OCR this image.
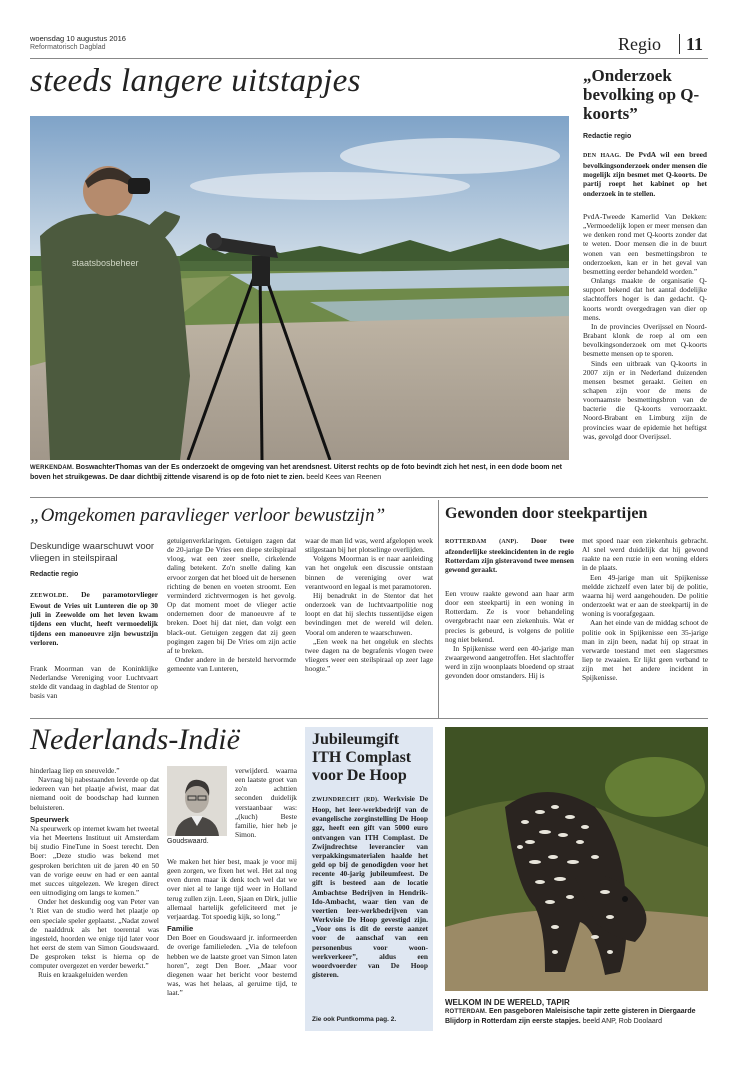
woensdag 10 augustus 2016
Reformatorisch Dagblad	Regio 11
steeds langere uitstapjes
staatsbosbeheer
WERKENDAM. BoswachterThomas van der Es onderzoekt de omgeving van het arendsnest. Uiterst rechts op de foto bevindt zich het nest, in een dode boom net boven het struikgewas. De daar dichtbij zittende visarend is op de foto niet te zien. beeld Kees van Reenen
„Onderzoek bevolking op Q-koorts”
Redactie regio
DEN HAAG. De PvdA wil een breed bevolkingsonderzoek onder mensen die mogelijk zijn besmet met Q-koorts. De partij roept het kabinet op het onderzoek in te stellen.

PvdA-Tweede Kamerlid Van Dekken: „Vermoedelijk lopen er meer mensen dan we denken rond met Q-koorts zonder dat te weten. Door mensen die in de buurt wonen van een besmettingsbron te onderzoeken, kan er in het geval van besmetting eerder behandeld worden.”

Onlangs maakte de organisatie Q-support bekend dat het aantal dodelijke slachtoffers hoger is dan gedacht. Q-koorts wordt overgedragen van dier op mens.

In de provincies Overijssel en Noord-Brabant klonk de roep al om een bevolkingsonderzoek om met Q-koorts besmette mensen op te sporen.

Sinds een uitbraak van Q-koorts in 2007 zijn er in Nederland duizenden mensen besmet geraakt. Geiten en schapen zijn voor de mens de voornaamste besmettingsbron van de bacterie die Q-koorts veroorzaakt. Noord-Brabant en Limburg zijn de provincies waar de epidemie het heftigst was, gevolgd door Overijssel.

„Omgekomen paravlieger verloor bewustzijn”
Deskundige waarschuwt voor vliegen in steilspiraal
Redactie regio
ZEEWOLDE. De paramotorvlieger Ewout de Vries uit Lunteren die op 30 juli in Zeewolde om het leven kwam tijdens een vlucht, heeft vermoedelijk tijdens een manoeuvre zijn bewustzijn verloren.

Frank Moorman van de Koninklijke Nederlandse Vereniging voor Luchtvaart stelde dit vandaag in dagblad de Stentor op basis van

getuigenverklaringen. Getuigen zagen dat de 20-jarige De Vries een diepe steilspiraal vloog, wat een zeer snelle, cirkelende daling betekent. Zo'n snelle daling kan ervoor zorgen dat het bloed uit de hersenen richting de benen en voeten stroomt. Een verminderd zichtvermogen is het gevolg. Op dat moment moet de vlieger actie ondernemen door de manoeuvre af te breken. Doet hij dat niet, dan volgt een black-out. Getuigen zeggen dat zij geen pogingen zagen bij De Vries om zijn actie af te breken.

Onder andere in de hersteld hervormde gemeente van Lunteren,

waar de man lid was, werd afgelopen week stilgestaan bij het plotselinge overlijden.

Volgens Moorman is er naar aanleiding van het ongeluk een discussie ontstaan binnen de vereniging over wat verantwoord en legaal is met paramotoren.

Hij benadrukt in de Stentor dat het onderzoek van de luchtvaartpolitie nog loopt en dat hij slechts tussentijdse eigen bevindingen met de wereld wil delen. Vooral om anderen te waarschuwen.

„Een week na het ongeluk en slechts twee dagen na de begrafenis vlogen twee vliegers weer een steilspiraal op zeer lage hoogte.”

Gewonden door steekpartijen
ROTTERDAM (ANP). Door twee afzonderlijke steekincidenten in de regio Rotterdam zijn gisteravond twee mensen gewond geraakt.

Een vrouw raakte gewond aan haar arm door een steekpartij in een woning in Rotterdam. Ze is voor behandeling overgebracht naar een ziekenhuis. Wat er precies is gebeurd, is volgens de politie nog niet bekend.

In Spijkenisse werd een 40-jarige man zwaargewond aangetroffen. Het slachtoffer werd in zijn woonplaats bloedend op straat gevonden door omstanders. Hij is

met spoed naar een ziekenhuis gebracht. Al snel werd duidelijk dat hij gewond raakte na een ruzie in een woning elders in de plaats.

Een 49-jarige man uit Spijkenisse meldde zichzelf even later bij de politie, waarna hij werd aangehouden. De politie onderzoekt wat er aan de steekpartij in de woning is voorafgegaan.

Aan het einde van de middag schoot de politie ook in Spijkenisse een 35-jarige man in zijn been, nadat hij op straat in verwarde toestand met een slagersmes liep te zwaaien. Er lijkt geen verband te zijn met het andere incident in Spijkenisse.

Nederlands-Indië

hinderlaag liep en sneuvelde.”

Navraag bij nabestaanden leverde op dat iedereen van het plaatje afwist, maar dat niemand ooit de boodschap had kunnen beluisteren.

Speurwerk

Na speurwerk op internet kwam het tweetal via het Meertens Instituut uit Amsterdam bij studio FineTune in Soest terecht. Den Boer: „Deze studio was bekend met gesproken berichten uit de jaren 40 en 50 van de vorige eeuw en had er een aantal met succes uitgelezen. We kregen direct een uitnodiging om langs te komen.”

Onder het deskundig oog van Peter van 't Riet van de studio werd het plaatje op een speciale speler geplaatst. „Nadat zowel de naalddruk als het toerental was ingesteld, hoorden we enige tijd later voor het eerst de stem van Simon Goudswaard. De gesproken tekst is hierna op de computer overgezet en verder bewerkt.”

Ruis en kraakgeluiden werden

Goudswaard.

verwijderd. waarna een laatste groet van zo'n achttien seconden duidelijk verstaanbaar was: „(kuch) Beste familie, hier heb je Simon.

We maken het hier best, maak je voor mij geen zorgen, we fixen het wel. Het zal nog even duren maar ik denk toch wel dat we over niet al te lange tijd weer in Holland terug zullen zijn. Leen, Sjaan en Dirk, jullie allemaal hartelijk gefeliciteerd met je verjaardag. Tot spoedig kijk, so long.”

Familie

Den Boer en Goudswaard jr. informeerden de overige familieleden. „Via de telefoon hebben we de laatste groet van Simon laten horen”, zegt Den Boer. „Maar voor diegenen waar het bericht voor bestemd was, was het helaas, al geruime tijd, te laat.”

Jubileumgift ITH Complast voor De Hoop
ZWIJNDRECHT (RD). Werkvisie De Hoop, het leer-werkbedrijf van de evangelische zorginstelling De Hoop ggz, heeft een gift van 5000 euro ontvangen van ITH Complast. De Zwijndrechtse leverancier van verpakkingsmaterialen haalde het geld op bij de genodigden voor het recente 40-jarig jubileumfeest. De gift is besteed aan de locatie Ambachtse Bedrijven in Hendrik-Ido-Ambacht, waar tien van de veertien leer-werkbedrijven van Werkvisie De Hoop gevestigd zijn. „Voor ons is dit de eerste aanzet voor de aanschaf van een personenbus voor woon-werkverkeer”, aldus een woordvoerder van De Hoop gisteren.
Zie ook Puntkomma pag. 2.
WELKOM IN DE WERELD, TAPIR
ROTTERDAM. Een pasgeboren Maleisische tapir zette gisteren in Diergaarde Blijdorp in Rotterdam zijn eerste stapjes. beeld ANP, Rob Doolaard
